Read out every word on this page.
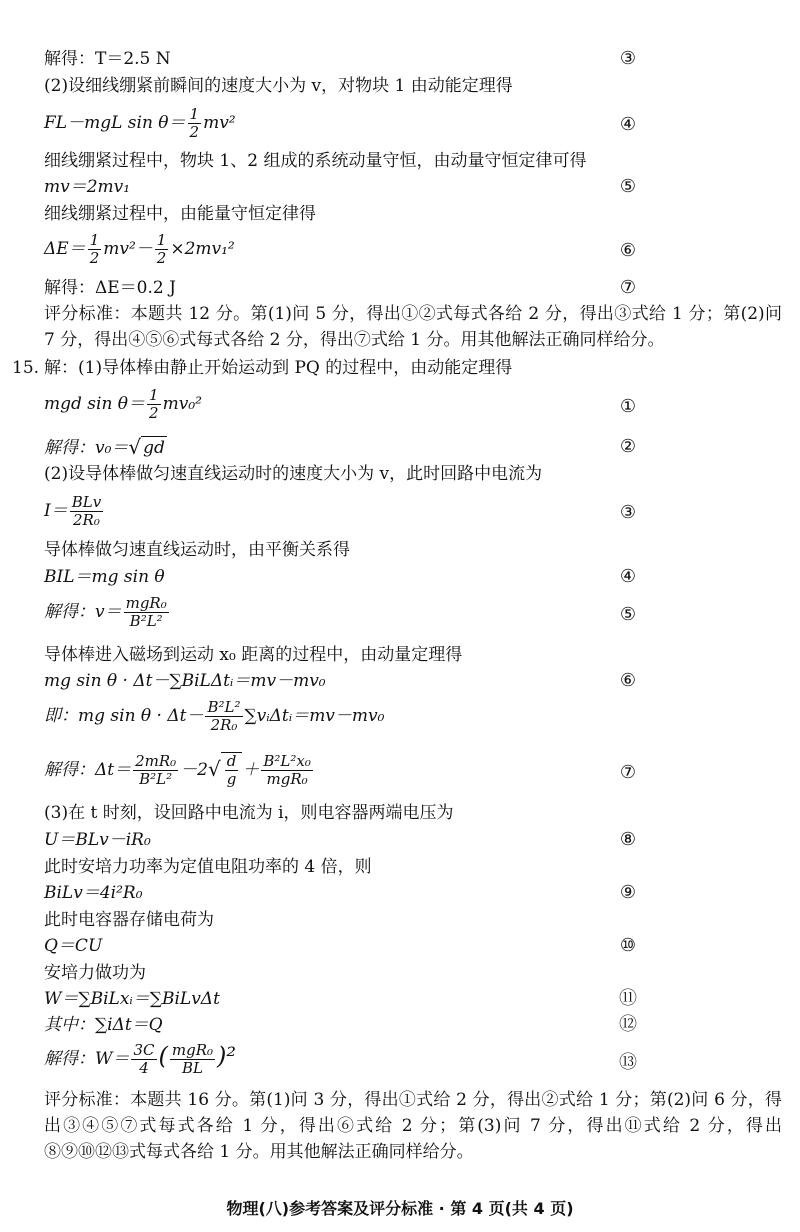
解得：T＝2.5 N	③
(2)设细线绷紧前瞬间的速度大小为 v，对物块 1 由动能定理得
FL－mgL $\sin \theta= \frac{1}{2} mv^2$	④
细线绷紧过程中，物块 1、2 组成的系统动量守恒，由动量守恒定律可得
mv＝2mv₁	⑤
细线绷紧过程中，由能量守恒定律得
$\Delta E= \frac{1}{2} mv^2- \frac{1}{2} \times 2mv_1^2$	⑥
解得：ΔE＝0.2 J	⑦
评分标准：本题共 12 分。第(1)问 5 分，得出①②式每式各给 2 分，得出③式给 1 分；第(2)问 7 分，得出④⑤⑥式每式各给 2 分，得出⑦式给 1 分。用其他解法正确同样给分。
15. 解：(1)导体棒由静止开始运动到 PQ 的过程中，由动能定理得
mgd $\sin \theta= \frac{1}{2} mv_0^2$	①
解得：v₀＝√ gd	②
(2)设导体棒做匀速直线运动时的速度大小为 v，此时回路中电流为
$I= \frac{\text{BLv}}{\text{2R₀}}$	③
导体棒做匀速直线运动时，由平衡关系得
BIL＝mg sin θ	④
解得：$v= \frac{\text{mgR₀}}{\text{B²L²}}$	⑤
导体棒进入磁场到运动 x₀ 距离的过程中，由动量定理得
mg sin θ · Δt－∑BiLΔtᵢ＝mv－mv₀	⑥
即：mg $\sin \theta \cdot \Delta t- \frac{\text{B²L²}}{\text{2R₀}}$ ∑vᵢΔtᵢ＝mv－mv₀
解得：$\Delta t= \frac{\text{2mR₀}}{\text{B²L²}} -2√ \frac{d}{g} + \frac{\text{B²L²x₀}}{\text{mgR₀}}$	⑦
(3)在 t 时刻，设回路中电流为 i，则电容器两端电压为
U＝BLv－iR₀	⑧
此时安培力功率为定值电阻功率的 4 倍，则
BiLv＝4i²R₀	⑨
此时电容器存储电荷为
Q＝CU	⑩
安培力做功为
W＝∑BiLxᵢ＝∑BiLvΔt	⑪
其中：∑iΔt＝Q	⑫
解得：$W= \frac{3C}{4}$ ( $\frac{\text{mgR₀}}{BL} )^2$	⑬
评分标准：本题共 16 分。第(1)问 3 分，得出①式给 2 分，得出②式给 1 分；第(2)问 6 分，得出③④⑤⑦式每式各给 1 分，得出⑥式给 2 分；第(3)问 7 分，得出⑪式给 2 分，得出⑧⑨⑩⑫⑬式每式各给 1 分。用其他解法正确同样给分。
物理(八)参考答案及评分标准 · 第 4 页(共 4 页)
